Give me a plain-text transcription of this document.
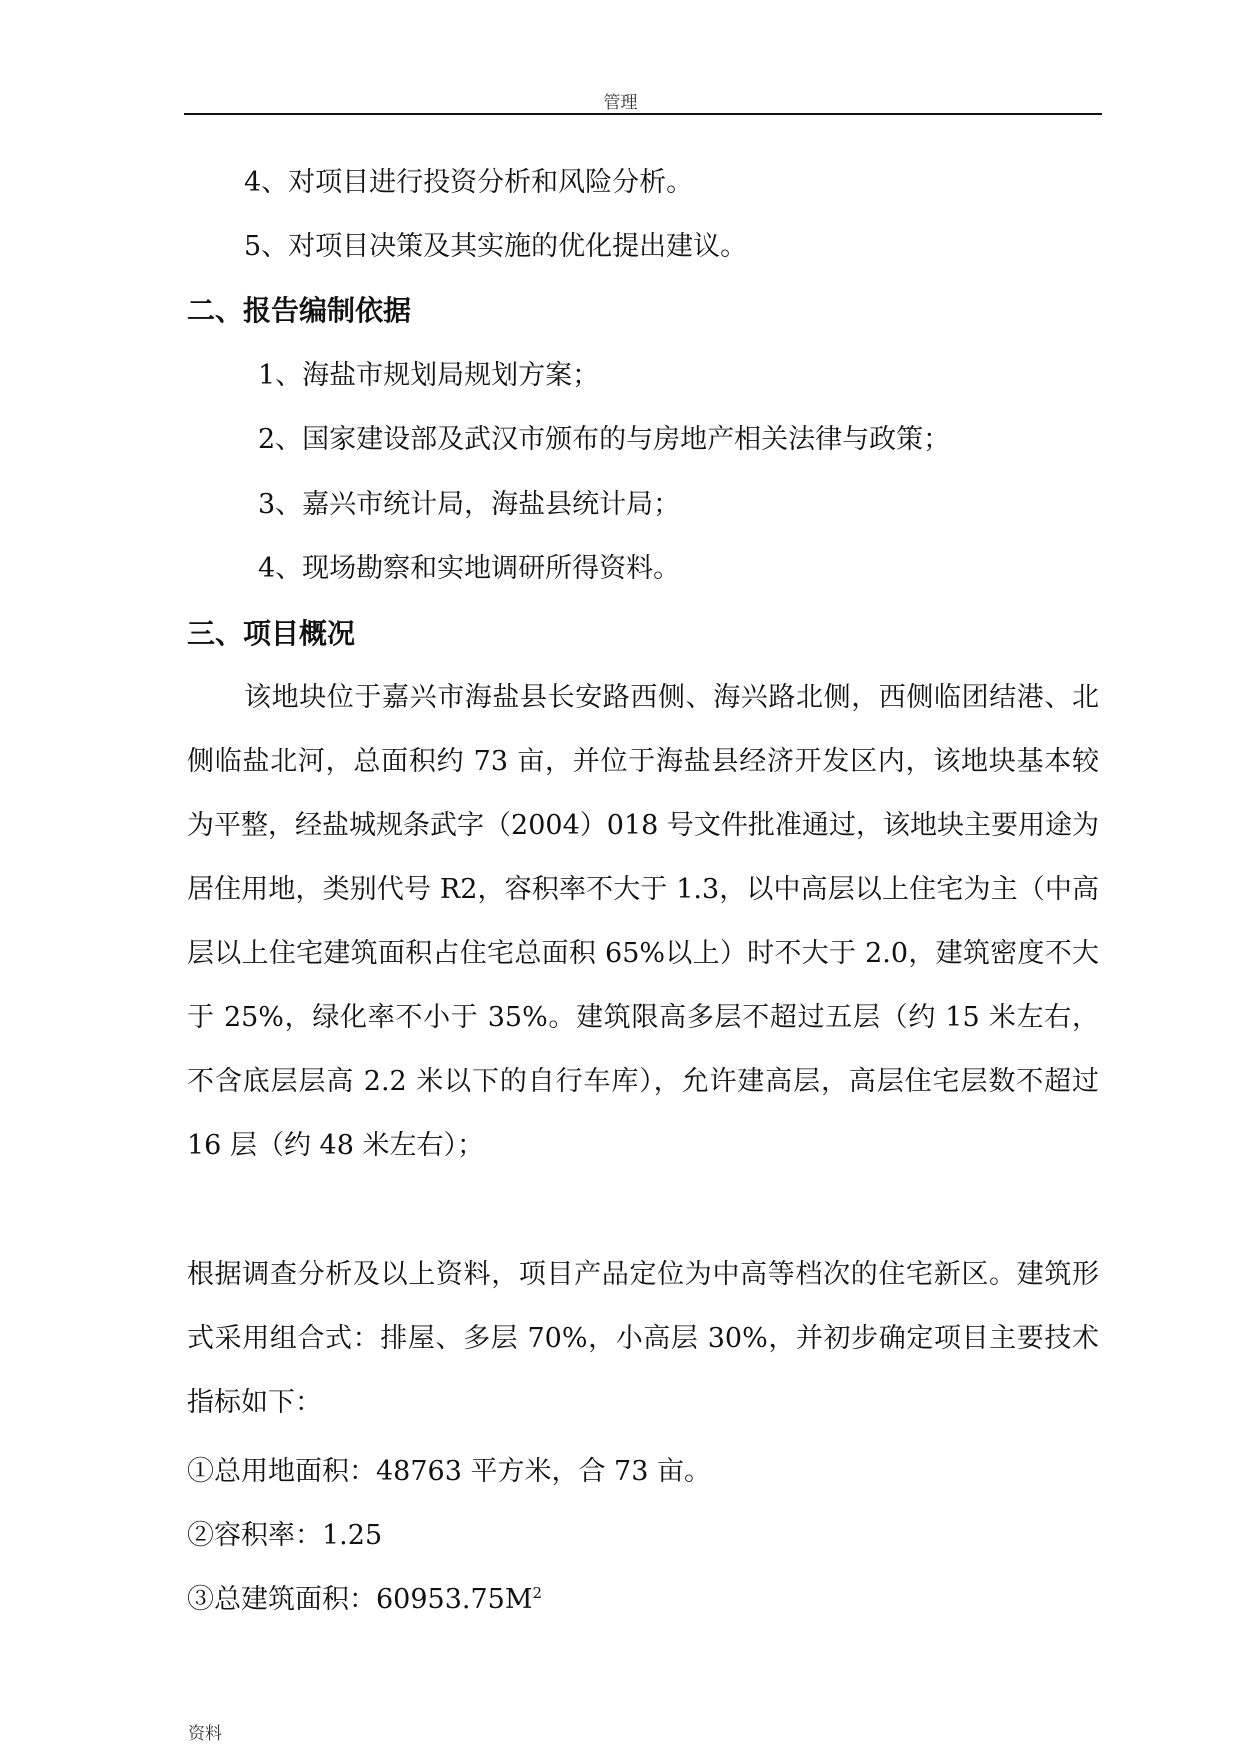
管理
4、对项目进行投资分析和风险分析。
5、对项目决策及其实施的优化提出建议。
二、报告编制依据
1、海盐市规划局规划方案；
2、国家建设部及武汉市颁布的与房地产相关法律与政策；
3、嘉兴市统计局，海盐县统计局；
4、现场勘察和实地调研所得资料。
三、项目概况
该地块位于嘉兴市海盐县长安路西侧、海兴路北侧，西侧临团结港、北侧临盐北河，总面积约 73 亩，并位于海盐县经济开发区内，该地块基本较为平整，经盐城规条武字（2004）018 号文件批准通过，该地块主要用途为居住用地，类别代号 R2，容积率不大于 1.3，以中高层以上住宅为主（中高层以上住宅建筑面积占住宅总面积 65%以上）时不大于 2.0，建筑密度不大于 25%，绿化率不小于 35%。建筑限高多层不超过五层（约 15 米左右，不含底层层高 2.2 米以下的自行车库），允许建高层，高层住宅层数不超过 16 层（约 48 米左右）；
根据调查分析及以上资料，项目产品定位为中高等档次的住宅新区。建筑形式采用组合式：排屋、多层 70%，小高层 30%，并初步确定项目主要技术指标如下：
①总用地面积：48763 平方米，合 73 亩。
②容积率：1.25
③总建筑面积：$60953.75M^2$
资料
